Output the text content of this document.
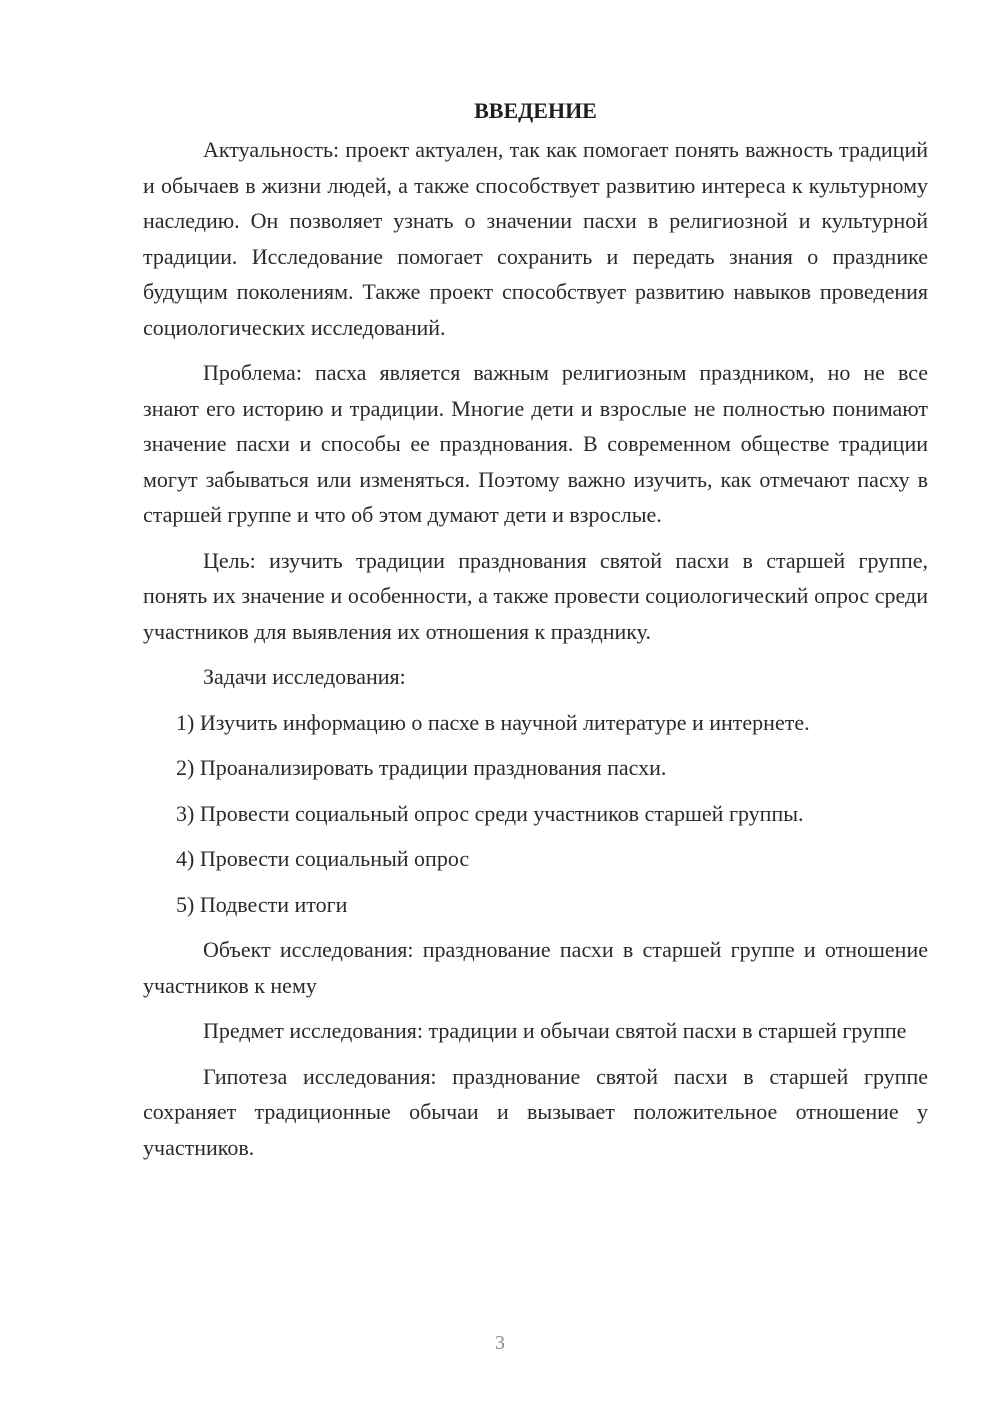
ВВЕДЕНИЕ

Актуальность: проект актуален, так как помогает понять важность традиций и обычаев в жизни людей, а также способствует развитию интереса к культурному наследию. Он позволяет узнать о значении пасхи в религиозной и культурной традиции. Исследование помогает сохранить и передать знания о празднике будущим поколениям. Также проект способствует развитию навыков проведения социологических исследований.

Проблема: пасха является важным религиозным праздником, но не все знают его историю и традиции. Многие дети и взрослые не полностью понимают значение пасхи и способы ее празднования. В современном обществе традиции могут забываться или изменяться. Поэтому важно изучить, как отмечают пасху в старшей группе и что об этом думают дети и взрослые.

Цель: изучить традиции празднования святой пасхи в старшей группе, понять их значение и особенности, а также провести социологический опрос среди участников для выявления их отношения к празднику.

Задачи исследования:

1) Изучить информацию о пасхе в научной литературе и интернете.

2) Проанализировать традиции празднования пасхи.

3) Провести социальный опрос среди участников старшей группы.

4) Провести социальный опрос

5) Подвести итоги

Объект исследования: празднование пасхи в старшей группе и отношение участников к нему

Предмет исследования: традиции и обычаи святой пасхи в старшей группе

Гипотеза исследования: празднование святой пасхи в старшей группе сохраняет традиционные обычаи и вызывает положительное отношение у участников.

3
